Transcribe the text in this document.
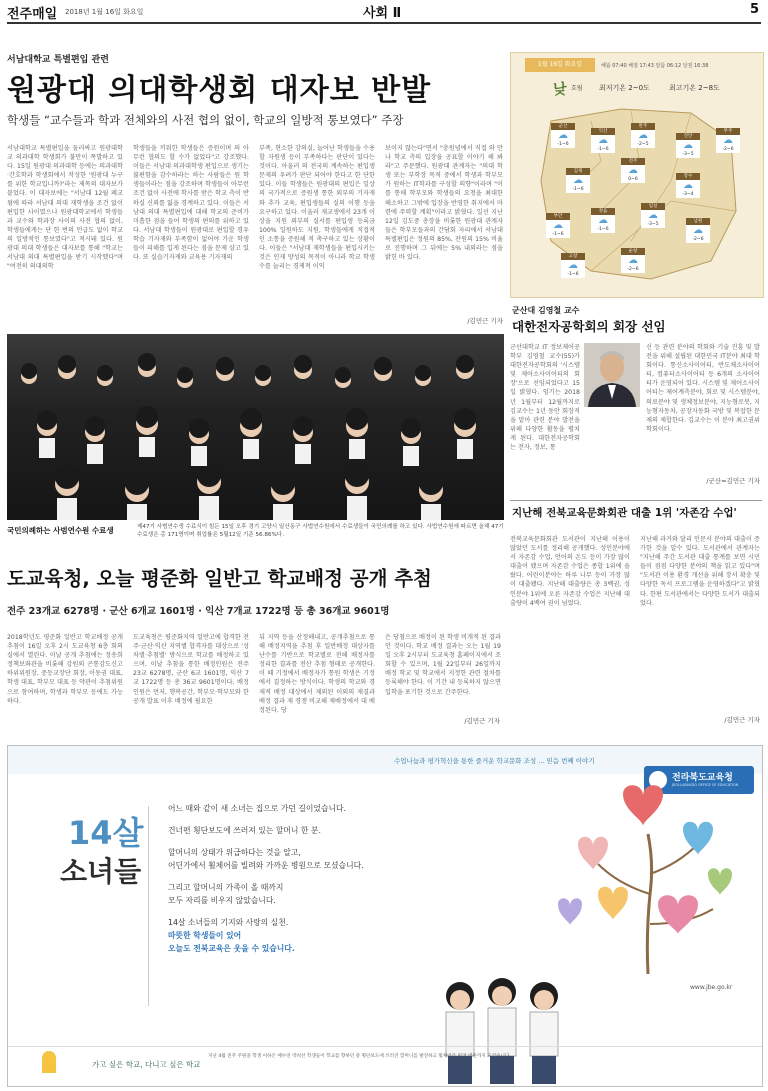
전주매일 2018년 1월 16일 화요일	사회 Ⅱ	5
서남대학교 특별편입 관련
원광대 의대학생회 대자보 반발
학생들 “교수들과 학과 전체와의 사전 협의 없이, 학교의 일방적 통보였다” 주장

서남대학교 특별편입을 둘러싸고 원광대학교 의과대학 학생회가 불만이 폭발하고 있다. 15일 원광대 의과대학 등에는 의과대학·간호학과 학생회에서 작성한 '원광대 누구를 위한 학교입니까?'라는 제목의 대자보가 붙었다. 이 대자보에는 "서남대 12월 폐교됨에 따라 서남대 의대 재학생을 조건 없이 편입한 사이였으나 원광대학교에서 학생들과 교수와 학과장 사이의 사전 협의 없이, 학생들에게는 단 한 번의 언급도 없이 학교의 일방적인 통보였다"고 적시돼 있다. 원광대 의대 학생들은 대자보를 통해 "학교는 서남대 의대 특별편입을 받기 시작했다"며 "여전히 의대의학

학생들을 끼워한 학생들은 증원이며 의 아무런 협의도 할 수가 없었다"고 강조했다. 이들은 서남대 의과대학생 편입으로 생기는 불편함을 감수하라는 하는 사람들은 원 학생들이라는 점을 강조하며 학생들이 아무런 조건 없이 사전에 학사를 받은 학교 측이 반하실 신뢰를 잃을 경계하고 있다. 이들은 서남대 의대 특별편입에 대해 학교의 준비가 미흡한 점을 들어 학생의 편의를 위하고 있다. 서남대 학생들이 원광대로 편입할 경우 학습 기자재와 부족함이 없어야 가운 학생들이 피해를 입게 된다는 점을 문제 삼고 있다. 또 실습기자재와 교육용 기자재의

부족, 현소한 강의실, 늘어난 학생들을 수용할 자원생 등이 부족하다는 판단이 있다는 것이다. 아울러 의 전국의 계속하는 편입생 문제의 우려가 판단 되어야 한다고 한 단한 있다. 이들 학생들은 원광대의 편입은 일상의 국가적으로 증원생 통한 외부의 기자재와 추가 교육, 편입생들의 실의 이행 등을 요구하고 있다. 이울러 재교생에서 23개 이상을 지원 외부의 실서를 편입생 등록금 100% 일원하도 지원, 학생들에게 직접적인 소통을 증원해 적 촉구하고 있는 상황이다. 이들은 "서남대 재학생들을 편입시키는 것은 인재 양성의 목적이 아니라 학교 학생 수를 늘리는 경제적 이익

보이지 않는다"면서 "충원념에서 직접 와 만나 학교 측의 입장을 공표할 이야기 해 봐라"고 주문했다. 원광대 관계자는 "의대 학생 또는 부학장 목적 중에서 학생과 학부모가 원하는 IT학과를 구성할 의향"이라며 "이를 통해 학부모와 학생들의 요청을 최대한 해소하고 그밖에 입장을 반영한 취지에서 마련에 주력할 계획"이라고 밝혔다. 일선 지난 12일 김도중 총장을 비롯한 원광대 관계자들은 학부모들과의 간담회 자리에서 서남대 특별편입은 정원의 85%, 잔원의 15% 비율로 진행하며 그 뒤에는 5% 내외라는 점을 밝힌 바 있다.

/김민근 기자
국민의례하는 사범연수원 수료생	제47기 사범연수생 수료식이 힘든 15일 오후 경기 고양시 일산동구 사법연수원에서 수료생들이 국민의례를 하고 있다. 사법연수원에 따르면 올해 47기 수료생은 총 171명이며 취업률은 5월12일 기준 56.86%다.
1월 16일 화요일	해뜸 07:40 해짐 17:43 달뜸 06:12 달짐 16:38
낮 흐림 최저기온 2~0도	최고기온 2~8도
군산
☁
-1~6
익산
☁
-1~6
완주
☁
-2~5
진안
☁
-3~5
무주
☁
-2~6
김제
☁
-1~6
전주
☁
0~6
장수
☁
-3~4
부안
☁
-1~6
정읍
☁
-1~6
임실
☁
-3~5
남원
☁
-2~6
고창
☁
-1~6
순창
☁
-2~6
군산대 김영철 교수
대한전자공학회의 회장 선임

군산대학교 IT 정보제어공학부 김영철 교수(55)가 대한전자공학회의 '시스템 및 제어소사이어티의 회장'으로 선임되었다고 15일 밝혔다. 임기는 2018년 1월부터 12월까지로 김교수는 1년 동안 회장직을 맡아 관련 분야 발전을 위해 다양한 활동을 펼치게 된다. 대한전자공학회는 전자, 정보, 통

신 등 관련 분야의 학회와 기술 진흥 및 발전을 위해 설립된 대한민국 IT분야 최대 학회이다. 통신소사이어티, 반도체소사이어티, 컴퓨터소사이어티 등 6개의 소사이어티가 운영되어 있다. 시스템 및 제어소사이어티는 제어계측분야, 회로 및 시스템분야, 의료분야 및 생체정보분야, 지능형로봇, 지능형자동차, 공장자동화 국방 및 복잡한 문제의 제합한다. 김교수는 이 분야 최고권위 학회이다.

/군산=김민근 기자
지난해 전북교육문화회관 대출 1위 '자존감 수업'

전북교육문화회관 도서관이 지난해 이용이 많았던 도서를 정리해 공개했다. 성인분야에서 자존감 수업, 언어의 온도 등이 가장 많이 대출이 됐으며 자존감 수업은 종합 1위에 올랐다. 어린이분야는 하루 나무 등이 가장 많이 대출됐다. 지난해 대출량은 총 3백권, 성인분야 1위에 오른 자존감 수업은 지난해 대출량이 4백여 권이 넘었다.

지난해 과거와 달리 인문서 분야의 대출이 증가한 것을 알수 있다. 도서관에서 관계자는 "지난해 주간 도서관 대출 통계를 보면 시민들이 점점 다양한 분야의 책을 읽고 있다"며 "도서관 이용 환경 개선을 위해 장서 확충 및 다양한 독서 프로그램을 운영하겠다"고 밝혔다. 한편 도서관에서는 다양한 도서가 대출되었다.

/김민근 기자
도교육청, 오늘 평준화 일반고 학교배정 공개 추첨
전주 23개교 6278명 · 군산 6개교 1601명 · 익산 7개교 1722명 등 총 36개교 9601명

2018학년도 평준화 일반고 학교배정 공개 추첨이 16일 오후 2시 도교육청 6층 회의실에서 열린다. 이날 공개 추첨에는 정송희 정책보좌관을 비롯해 강원외 곤통감도신고 하위위원장, 중등교장단 회장, 이동권 대표, 학생 대표, 학부모 대표 등 약관이 추첨위원으로 참여하며, 학생과 학부모 등에도 가능하다.

도교육청은 평준화지역 일반고에 합격한 전주·군산·익산 지역별 합격자를 대상으로 '성차별·추첨별' 방식으로 학교를 배정하고 있으며, 이날 추첨을 통한 배정인원은 전주 23교 6278명, 군산 6교 1601명, 익산 7교 1722명 등 총 36교 9601명이다. 배정인원은 먼저, 행복공간, 학부모·학부모와 한 공개 발표 이후 배정에 필요한

뒤 지역 등을 산정해내고, 공개추첨으로 통해 배정지역을 추첨 후 일반배정 대상자를 난수를 기반으로 학교별로 전해 배정자를 정리한 결과를 전산 추첨 형태로 공개한다. 이 때 기정에서 배정자가 통원 학생은 기정에서 결정하는 방식이다. 학생의 학교와 경제적 배정 대상에서 제외된 이외의 재결과 배정 결과 재 경쟁 비교해 재배정에서 대 배정된다. 당

은 당첨으로 배정이 된 학생 비개적 된 결과인 것이다. 학교 배정 결과는 오는 1월 19일 오후 2시부터 도교육청 홈페이지에서 조회할 수 있으며, 1월 22일부터 26일까지 배정 학교 및 학교에서 지정한 관련 절차를 등록해야 한다. 이 기간 내 등록하지 않으면 입학을 포기한 것으로 간주한다.

/김민근 기자
수업나눔과 평가혁신을 통한 즐거운 학교문화 조성 ... 믿음 번째 이야기
전라북도교육청
JEOLLABUKDO OFFICE OF EDUCATION
14살
소녀들
어느 때와 같이 새 소녀는 집으로 가던 길이었습니다.
건너편 횡단보도에 쓰러져 있는 할머니 한 분.
할머니의 상태가 위급하다는 것을 알고,
어딘가에서 휠체어를 빌려와 가까운 병원으로 모셨습니다.
그리고 할머니의 가족이 올 때까지
모두 자리를 비우지 않았습니다.
14살 소녀들의 기지와 사랑의 실천.
따뜻한 학생들이 있어
오늘도 전북교육은 웃을 수 있습니다.
www.jbe.go.kr
가고 싶은 학교, 다니고 싶은 학교
지난 4월 전주 주원중 학생 이하은 배수연 박희선 학생들이 학교를 향하던 중 횡단보도에 쓰러진 할머니를 발견하고 휠체어를 빌려 병원까지 모셨습니다.
